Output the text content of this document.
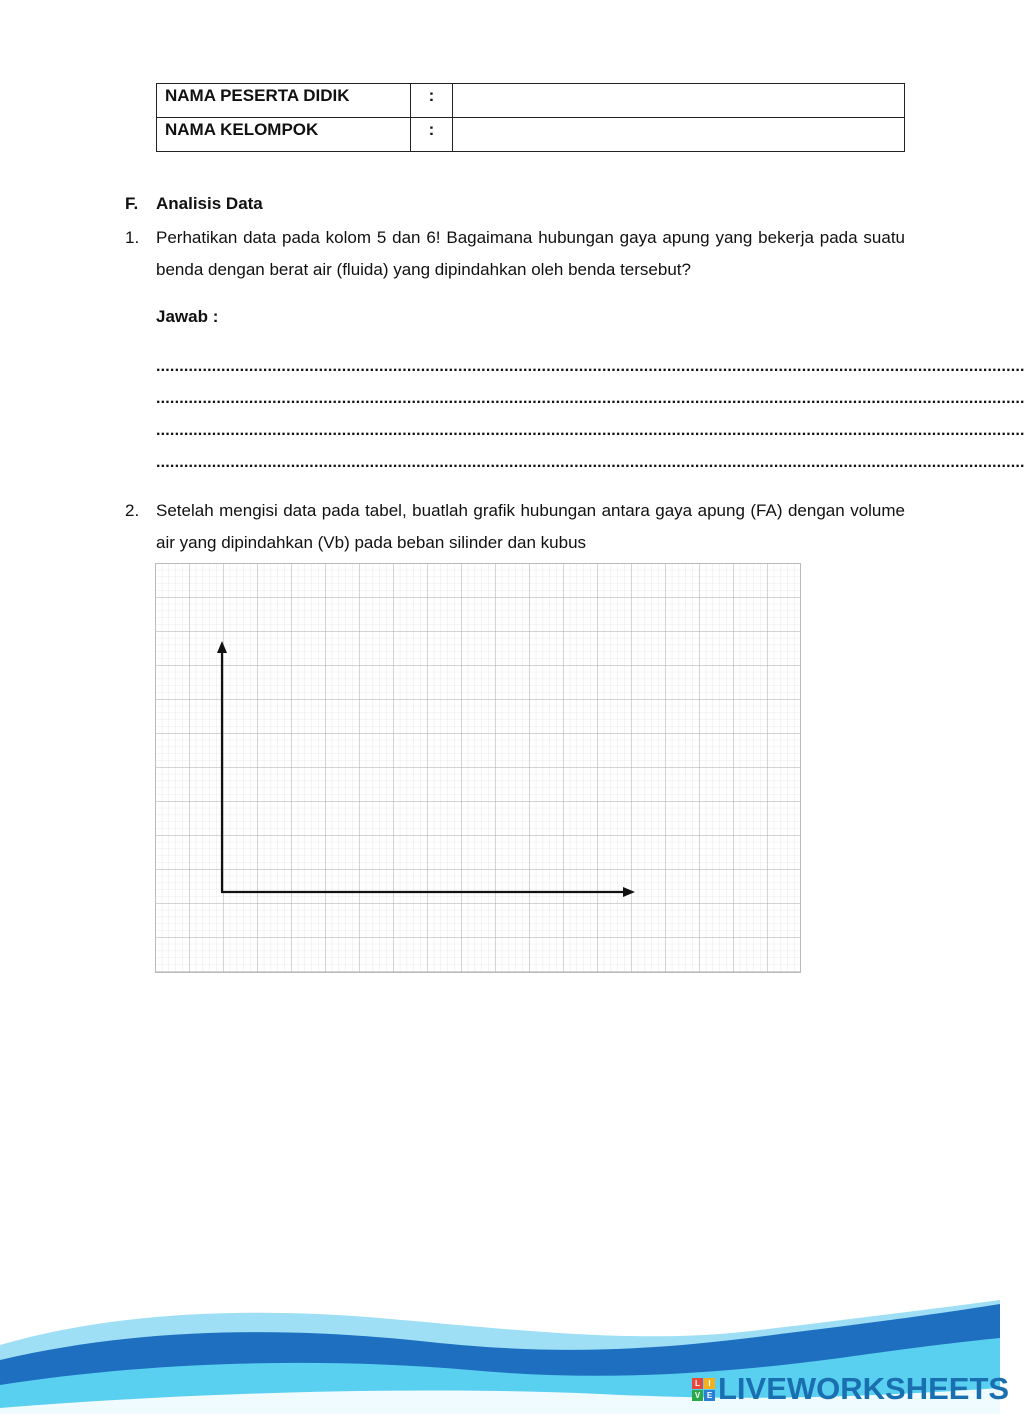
NAMA PESERTA DIDIK	:	
NAMA KELOMPOK	:	
F. Analisis Data
1. Perhatikan data pada kolom 5 dan 6! Bagaimana hubungan gaya apung yang bekerja pada suatu benda dengan berat air (fluida) yang dipindahkan oleh benda tersebut?
Jawab :
...........................................................................................................................................................................................
...........................................................................................................................................................................................
...........................................................................................................................................................................................
...........................................................................................................................................................................................
2. Setelah mengisi data pada tabel, buatlah grafik hubungan antara gaya apung (FA) dengan volume air yang dipindahkan (Vb) pada beban silinder dan kubus
L	I
V E LIVEWORKSHEETS
